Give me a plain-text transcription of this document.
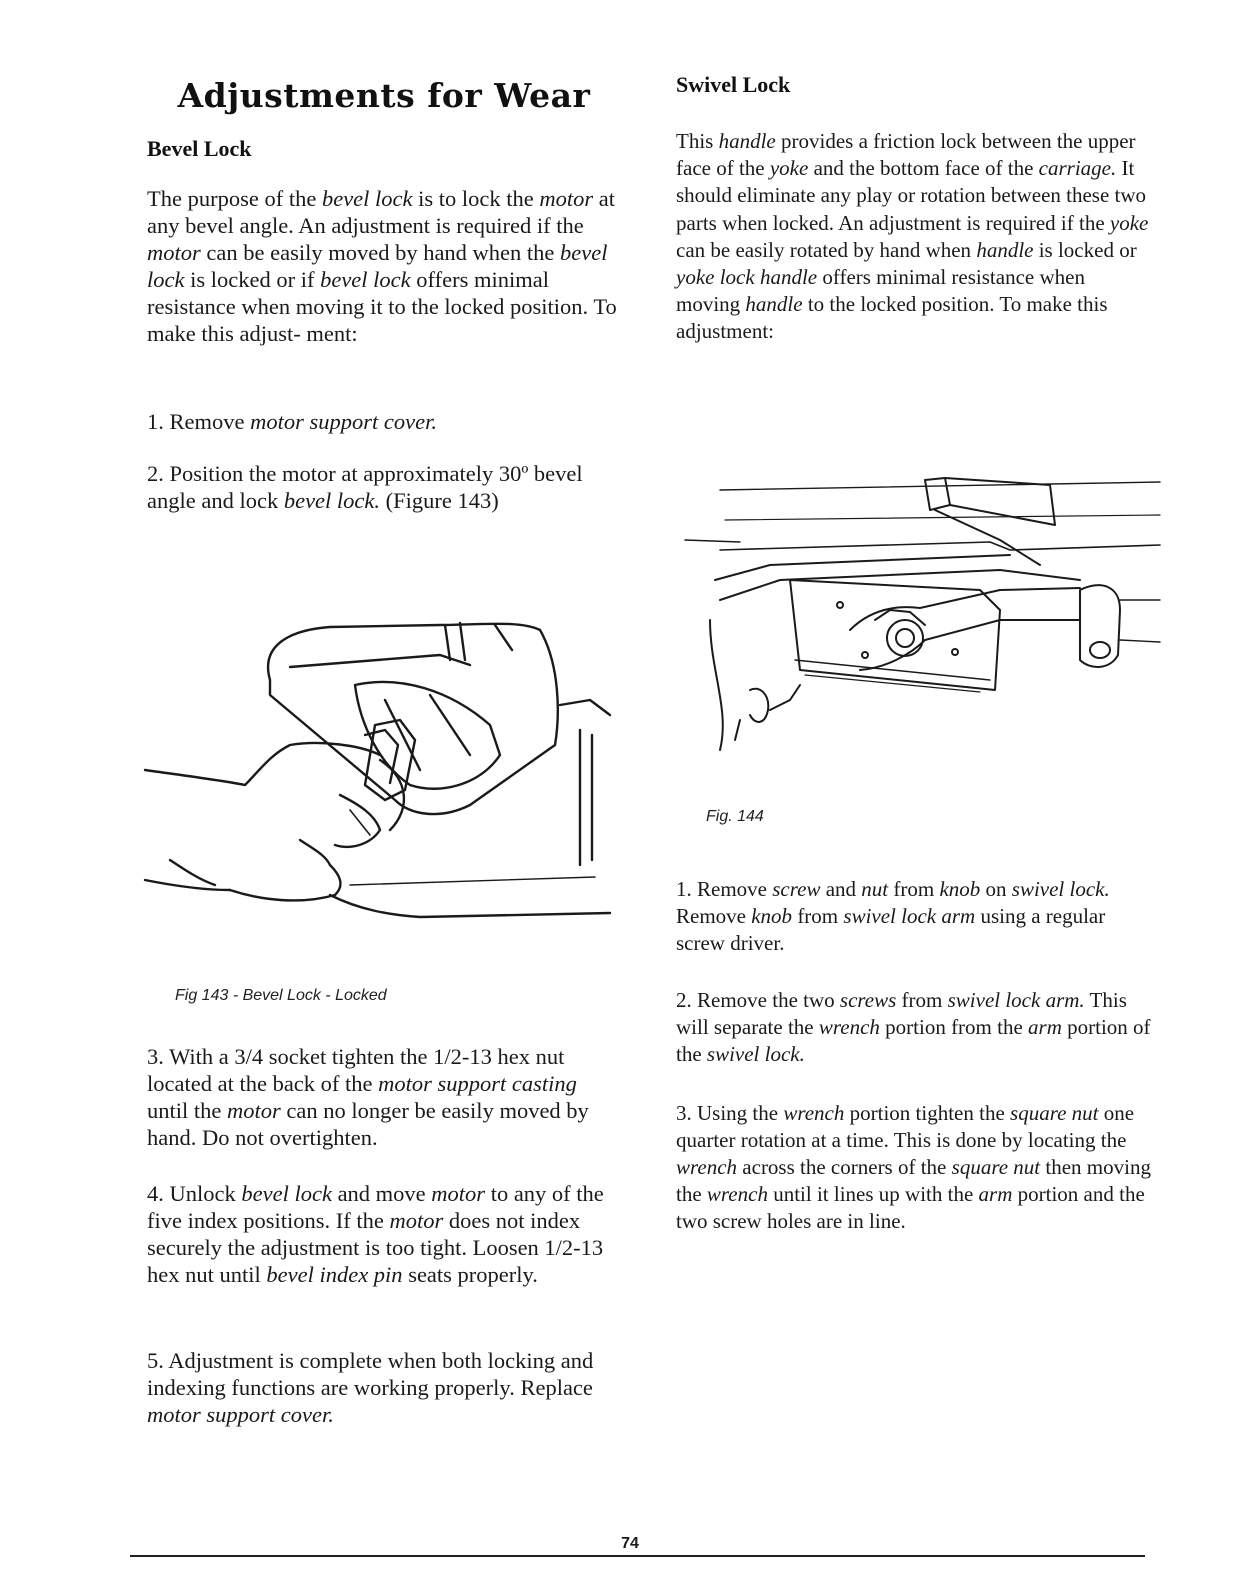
Adjustments for Wear
Bevel Lock
The purpose of the bevel lock is to lock the motor at any bevel angle. An adjustment is required if the motor can be easily moved by hand when the bevel lock is locked or if bevel lock offers minimal resistance when moving it to the locked position. To make this adjust- ment:
1. Remove motor support cover.
2. Position the motor at approximately 30º bevel angle and lock bevel lock. (Figure 143)
Fig 143 - Bevel Lock - Locked
3. With a 3/4 socket tighten the 1/2-13 hex nut located at the back of the motor support casting until the motor can no longer be easily moved by hand. Do not overtighten.
4. Unlock bevel lock and move motor to any of the five index positions. If the motor does not index securely the adjustment is too tight. Loosen 1/2-13 hex nut until bevel index pin seats properly.
5. Adjustment is complete when both locking and indexing functions are working properly. Replace motor support cover.
Swivel Lock
This handle provides a friction lock between the upper face of the yoke and the bottom face of the carriage. It should eliminate any play or rotation between these two parts when locked. An adjustment is required if the yoke can be easily rotated by hand when handle is locked or yoke lock handle offers minimal resistance when moving handle to the locked position. To make this adjustment:
Fig. 144
1. Remove screw and nut from knob on swivel lock. Remove knob from swivel lock arm using a regular screw driver.
2. Remove the two screws from swivel lock arm. This will separate the wrench portion from the arm portion of the swivel lock.
3. Using the wrench portion tighten the square nut one quarter rotation at a time. This is done by locating the wrench across the corners of the square nut then moving the wrench until it lines up with the arm portion and the two screw holes are in line.
74
